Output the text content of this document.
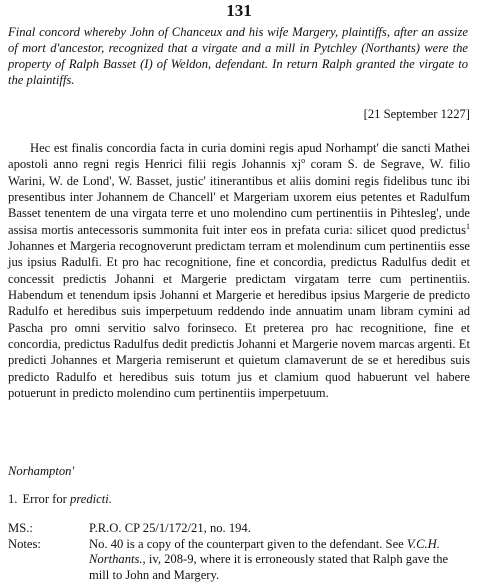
131
Final concord whereby John of Chanceux and his wife Margery, plaintiffs, after an assize of mort d'ancestor, recognized that a virgate and a mill in Pytchley (Northants) were the property of Ralph Basset (I) of Weldon, defendant. In return Ralph granted the virgate to the plaintiffs.
[21 September 1227]
Hec est finalis concordia facta in curia domini regis apud Norhampt' die sancti Mathei apostoli anno regni regis Henrici filii regis Johannis $xj^o$ coram S. de Segrave, W. filio Warini, W. de Lond', W. Basset, justic' itinerantibus et aliis domini regis fidelibus tunc ibi presentibus inter Johannem de Chancell' et Margeriam uxorem eius petentes et Radulfum Basset tenentem de una virgata terre et uno molendino cum pertinentiis in Pihtesleg', unde assisa mortis antecessoris summonita fuit inter eos in prefata curia: silicet quod predictus$^1$ Johannes et Margeria recognoverunt predictam terram et molendinum cum pertinentiis esse jus ipsius Radulfi. Et pro hac recognitione, fine et concordia, predictus Radulfus dedit et concessit predictis Johanni et Margerie predictam virgatam terre cum pertinentiis. Habendum et tenendum ipsis Johanni et Margerie et heredibus ipsius Margerie de predicto Radulfo et heredibus suis imperpetuum reddendo inde annuatim unam libram cymini ad Pascha pro omni servitio salvo forinseco. Et preterea pro hac recognitione, fine et concordia, predictus Radulfus dedit predictis Johanni et Margerie novem marcas argenti. Et predicti Johannes et Margeria remiserunt et quietum clamaverunt de se et heredibus suis predicto Radulfo et heredibus suis totum jus et clamium quod habuerunt vel habere potuerunt in predicto molendino cum pertinentiis imperpetuum.
Norhampton'
1. Error for predicti.
MS.:	P.R.O. CP 25/1/172/21, no. 194.
Notes:	No. 40 is a copy of the counterpart given to the defendant. See V.C.H. Northants., iv, 208-9, where it is erroneously stated that Ralph gave the mill to John and Margery.
